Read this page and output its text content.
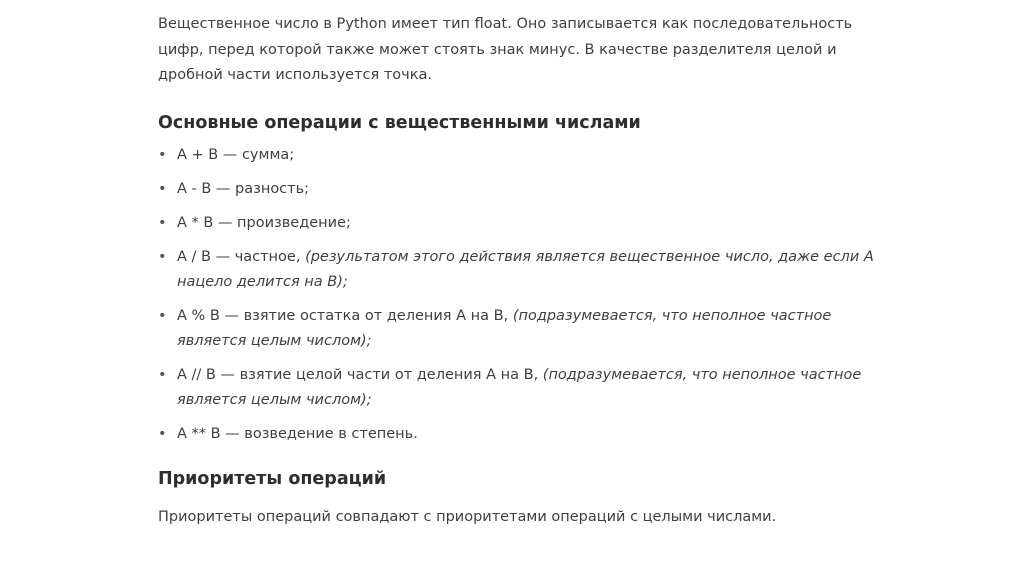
Вещественное число в Python имеет тип float. Оно записывается как последовательность цифр, перед которой также может стоять знак минус. В качестве разделителя целой и дробной части используется точка.

Основные операции с вещественными числами
• A + B — сумма;
• A - B — разность;
• A * B — произведение;
• A / B — частное, (результатом этого действия является вещественное число, даже если A нацело делится на B);
• A % B — взятие остатка от деления A на B, (подразумевается, что неполное частное является целым числом);
• A // B — взятие целой части от деления A на B, (подразумевается, что неполное частное является целым числом);
• A ** B — возведение в степень.
Приоритеты операций

Приоритеты операций совпадают с приоритетами операций с целыми числами.
